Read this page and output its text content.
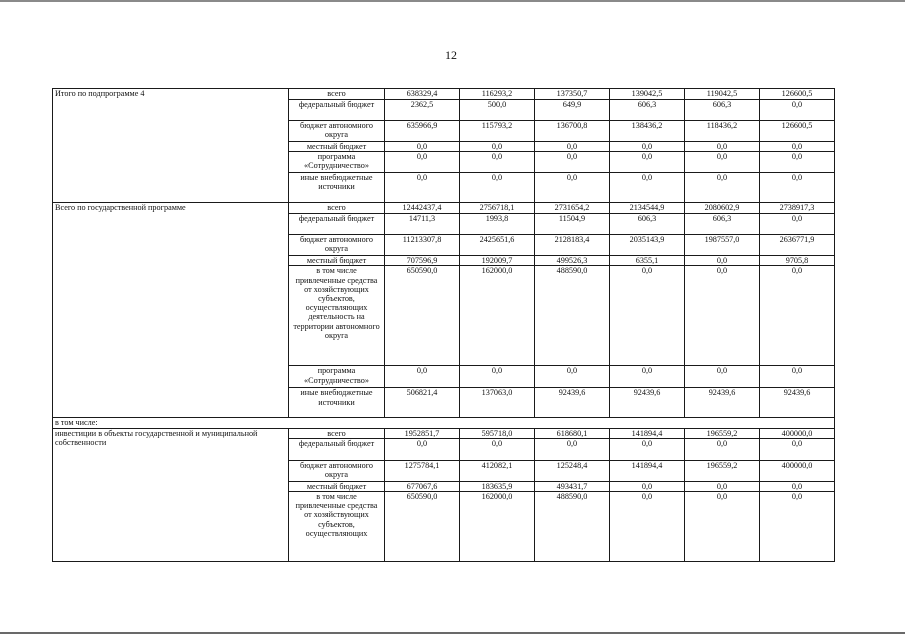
12
Итого по подпрограмме 4	всего	638329,4	116293,2	137350,7	139042,5	119042,5	126600,5
	федеральный бюджет	2362,5	500,0	649,9	606,3	606,3	0,0
	бюджет автономного округа	635966,9	115793,2	136700,8	138436,2	118436,2	126600,5
	местный бюджет	0,0	0,0	0,0	0,0	0,0	0,0
	программа «Сотрудничество»	0,0	0,0	0,0	0,0	0,0	0,0
	иные внебюджетные источники	0,0	0,0	0,0	0,0	0,0	0,0
Всего по государственной программе	всего	12442437,4	2756718,1	2731654,2	2134544,9	2080602,9	2738917,3
	федеральный бюджет	14711,3	1993,8	11504,9	606,3	606,3	0,0
	бюджет автономного округа	11213307,8	2425651,6	2128183,4	2035143,9	1987557,0	2636771,9
	местный бюджет	707596,9	192009,7	499526,3	6355,1	0,0	9705,8
	в том числе привлеченные средства от хозяйствующих субъектов, осуществляющих деятельность на территории автономного округа	650590,0	162000,0	488590,0	0,0	0,0	0,0
	программа «Сотрудничество»	0,0	0,0	0,0	0,0	0,0	0,0
	иные внебюджетные источники	506821,4	137063,0	92439,6	92439,6	92439,6	92439,6
в том числе:							
инвестиции в объекты государственной и муниципальной собственности	всего	1952851,7	595718,0	618680,1	141894,4	196559,2	400000,0
	федеральный бюджет	0,0	0,0	0,0	0,0	0,0	0,0
	бюджет автономного округа	1275784,1	412082,1	125248,4	141894,4	196559,2	400000,0
	местный бюджет	677067,6	183635,9	493431,7	0,0	0,0	0,0
	в том числе привлеченные средства от хозяйствующих субъектов, осуществляющих	650590,0	162000,0	488590,0	0,0	0,0	0,0
